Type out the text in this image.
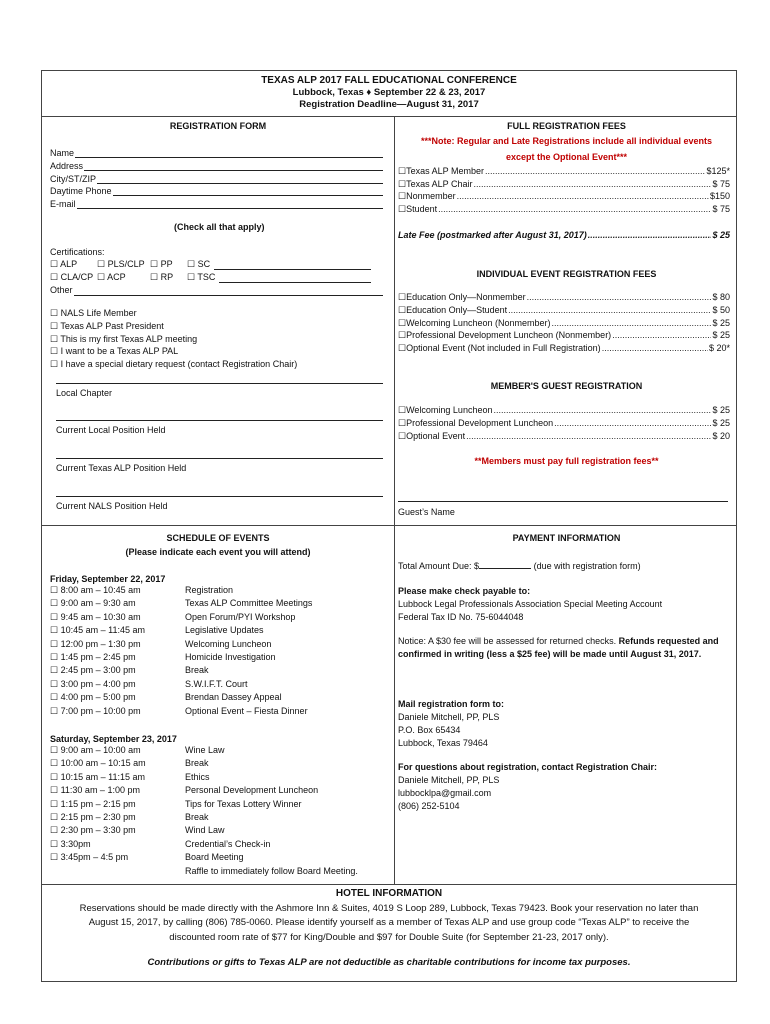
TEXAS ALP 2017 FALL EDUCATIONAL CONFERENCE
Lubbock, Texas ♦ September 22 & 23, 2017
Registration Deadline—August 31, 2017
REGISTRATION FORM
Name
Address
City/ST/ZIP
Daytime Phone
E-mail
(Check all that apply)
Certifications:
☐ ALP ☐ PLS/CLP ☐ PP ☐ SC
☐ CLA/CP ☐ ACP	☐ RP ☐ TSC
Other
☐ NALS Life Member
☐ Texas ALP Past President
☐ This is my first Texas ALP meeting
☐ I want to be a Texas ALP PAL
☐ I have a special dietary request (contact Registration Chair)
Local Chapter
Current Local Position Held
Current Texas ALP Position Held
Current NALS Position Held
FULL REGISTRATION FEES
***Note: Regular and Late Registrations include all individual events
except the Optional Event***
☐ Texas ALP Member .....	$125*
☐ Texas ALP Chair .....	$ 75
☐ Nonmember .....	$150
☐ Student .....	$ 75
Late Fee (postmarked after August 31, 2017) .....	$ 25
INDIVIDUAL EVENT REGISTRATION FEES
☐ Education Only—Nonmember .....	$ 80
☐ Education Only—Student .....	$ 50
☐ Welcoming Luncheon (Nonmember) .....	$ 25
☐ Professional Development Luncheon (Nonmember) .....	$ 25
☐ Optional Event (Not included in Full Registration) .....	$ 20*
MEMBER'S GUEST REGISTRATION
☐ Welcoming Luncheon .....	$ 25
☐ Professional Development Luncheon .....	$ 25
☐ Optional Event .....	$ 20
**Members must pay full registration fees**
Guest’s Name
SCHEDULE OF EVENTS
(Please indicate each event you will attend)
Friday, September 22, 2017
☐ 8:00 am – 10:45 am	Registration
☐ 9:00 am – 9:30 am	Texas ALP Committee Meetings
☐ 9:45 am – 10:30 am	Open Forum/PYI Workshop
☐ 10:45 am – 11:45 am	Legislative Updates
☐ 12:00 pm – 1:30 pm	Welcoming Luncheon
☐ 1:45 pm – 2:45 pm	Homicide Investigation
☐ 2:45 pm – 3:00 pm	Break
☐ 3:00 pm – 4:00 pm	S.W.I.F.T. Court
☐ 4:00 pm – 5:00 pm	Brendan Dassey Appeal
☐ 7:00 pm – 10:00 pm	Optional Event – Fiesta Dinner
Saturday, September 23, 2017
☐ 9:00 am – 10:00 am	Wine Law
☐ 10:00 am – 10:15 am	Break
☐ 10:15 am – 11:15 am	Ethics
☐ 11:30 am – 1:00 pm	Personal Development Luncheon
☐ 1:15 pm – 2:15 pm	Tips for Texas Lottery Winner
☐ 2:15 pm – 2:30 pm	Break
☐ 2:30 pm – 3:30 pm	Wind Law
☐ 3:30pm	Credential’s Check-in
☐ 3:45pm – 4:5 pm	Board Meeting
Raffle to immediately follow Board Meeting.
PAYMENT INFORMATION
Total Amount Due: $	(due with registration form)
Please make check payable to:
Lubbock Legal Professionals Association Special Meeting Account
Federal Tax ID No. 75-6044048
Notice: A $30 fee will be assessed for returned checks. Refunds requested and
confirmed in writing (less a $25 fee) will be made until August 31, 2017.
Mail registration form to:
Daniele Mitchell, PP, PLS
P.O. Box 65434
Lubbock, Texas 79464
For questions about registration, contact Registration Chair:
Daniele Mitchell, PP, PLS
lubbocklpa@gmail.com
(806) 252-5104
HOTEL INFORMATION
Reservations should be made directly with the Ashmore Inn & Suites, 4019 S Loop 289, Lubbock, Texas 79423. Book your reservation no later than
August 15, 2017, by calling (806) 785-0060. Please identify yourself as a member of Texas ALP and use group code “Texas ALP” to receive the
discounted room rate of $77 for King/Double and $97 for Double Suite (for September 21-23, 2017 only).
Contributions or gifts to Texas ALP are not deductible as charitable contributions for income tax purposes.
